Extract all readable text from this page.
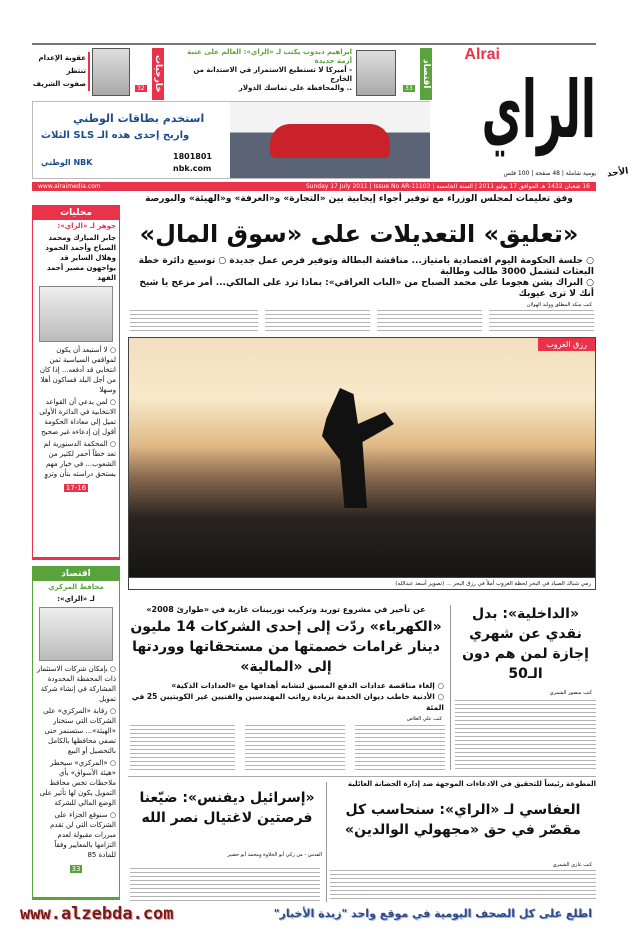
Alrai
الراي
يومية شاملة | 48 صفحة | 100 فلس الأحد
اقتصاد
33
ابراهيم دبدوب يكتب لـ «الراي»: العالم على عتبة أزمة جديدة
- أميركا لا تستطيع الاستمرار في الاستدانة من الخارج
.. والمحافظة على تماسك الدولار
خارجيات
32
عقوبة الإعدام
تنتظر
صفوت الشريف
استخدم بطاقات الوطني
واربح إحدى هذه الـ SLS الثلاث
1801801
nbk.com
NBK الوطني
16 شعبان 1432 هـ الموافق 17 يوليو 2011 | السنة الخامسة | Sunday 17 July 2011 | Issue No AR-11103
www.alraimedia.com
وفق تعليمات لمجلس الوزراء مع توفير أجواء إيجابية بين «التجارة» و«الغرفة» و«الهيئة» والبورصة
«تعليق» التعديلات على «سوق المال»
○ جلسة الحكومة اليوم اقتصادية بامتياز... مناقشة البطالة وتوفير فرص عمل جديدة ○ توسيع دائرة خطة البعثات لتشمل 3000 طالب وطالبة
○ البراك يشن هجوما على محمد الصباح من «الباب العراقي»: بماذا ترد على المالكي... أمر مزعج يا شيخ أنك لا ترى عيوبك
كتب منكد المطلق ووليد الهولان
محليات
جوهر لـ «الراي»:
جابر المبارك ومحمد الصباح وأحمد الحمود وهلال الساير قد يواجهون مصير أحمد الفهد
○ لا أستبعد أن يكون لمواقفي السياسية ثمن انتخابي قد أدفعه... إذا كان من أجل البلد فساكون أهلا وسهلا
○ لمن يدعي أن القواعد الانتخابية في الدائرة الأولى تميل إلى معاداة الحكومة أقول إن إدعاءه غير صحيح
○ المحكمة الدستورية لم تعد خطاً أحمر لكثير من الشعوب... في خيار مهم يستحق دراسته بتأن وتروٍ
17-16
رزق الغروب
رمي شباك الصياد في البحر لحظة الغروب أملاً في رزق البحر ... (تصوير أسعد عبدالله)
«الداخلية»: بدل نقدي عن شهري إجازة لمن هم دون الـ50
كتب منصور الشمري
عن تأخير في مشروع توريد وتركيب توربينات غازية في «طوارئ 2008»
«الكهرباء» ردّت إلى إحدى الشركات 14 مليون دينار غرامات خصمتها من مستحقاتها ووردتها إلى «المالية»
○ إلغاء مناقصة عدادات الدفع المسبق لتشابه أهدافها مع «العدادات الذكية»
○ الأدنية خاطب ديوان الخدمة بزيادة رواتب المهندسين والفنيين غير الكويتيين 25 في المئة
كتب علي العلاص
اقتصاد
محافظ المركزي
لـ «الراي»:
○ بإمكان شركات الاستثمار ذات المحفظة المحدودة المشاركة في إنشاء شركة تمويل
○ رقابة «المركزي» على الشركات التي ستختار «الهيئة»... ستستمر حتى تصفي محافظها بالكامل بالتحصيل أو البيع
○ «المركزي» سيخطر «هيئة الأسواق» بأي ملاحظات تخص محافظ التمويل يكون لها تأثير على الوضع المالي للشركة
○ سنوقع الجزاء على الشركات التي لن تقدم مبررات مقبولة لعدم التزامها بالمعايير وفقاً للمادة 85
33
المطوعة رئيساً للتحقيق في الادعاءات الموجهة ضد إدارة الحضانة العائلية
العفاسي لـ «الراي»: سنحاسب كل مقصّر في حق «مجهولي الوالدين»
كتب غازي الشمري
«إسرائيل ديفنس»: ضيّعنا فرصتين لاغتيال نصر الله
القدس - من زكي أبو الحلاوة ومحمد أبو خضير
اطلع على كل الصحف اليومية في موقع واحد "زبدة الأخبار"
www.alzebda.com
